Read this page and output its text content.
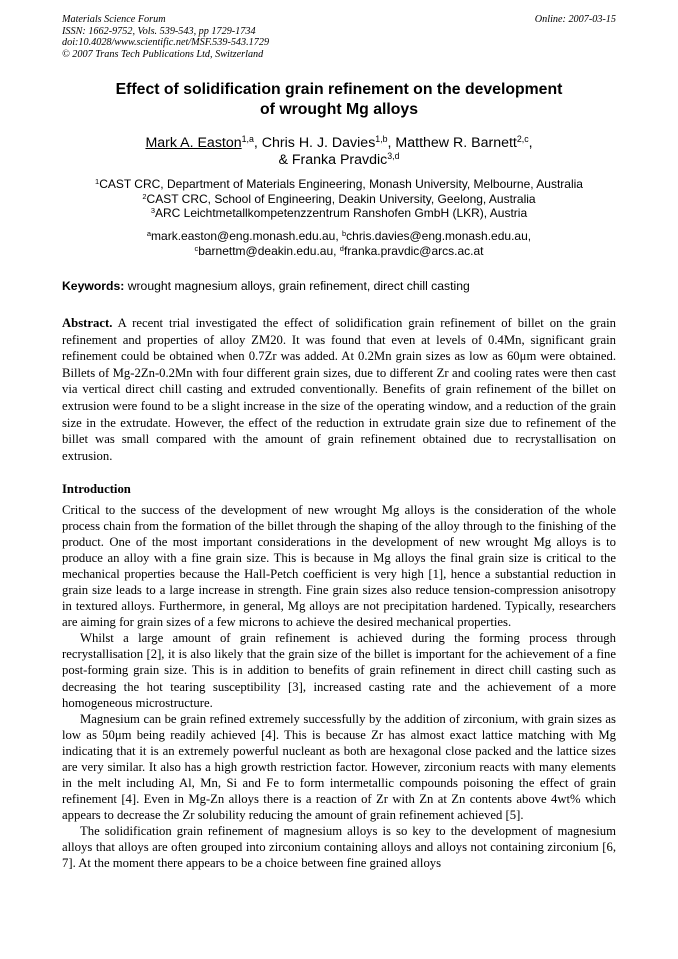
Materials Science Forum
ISSN: 1662-9752, Vols. 539-543, pp 1729-1734
doi:10.4028/www.scientific.net/MSF.539-543.1729
© 2007 Trans Tech Publications Ltd, Switzerland
Online: 2007-03-15
Effect of solidification grain refinement on the development
of wrought Mg alloys
Mark A. Easton$^{1,a}$, Chris H. J. Davies$^{1,b}$, Matthew R. Barnett$^{2,c}$,
& Franka Pravdic$^{3,d}$
$^1$CAST CRC, Department of Materials Engineering, Monash University, Melbourne, Australia
$^2$CAST CRC, School of Engineering, Deakin University, Geelong, Australia
$^3$ARC Leichtmetallkompetenzzentrum Ranshofen GmbH (LKR), Austria
$^a$mark.easton@eng.monash.edu.au, $^b$chris.davies@eng.monash.edu.au,
$^c$barnettm@deakin.edu.au, $^d$franka.pravdic@arcs.ac.at
Keywords: wrought magnesium alloys, grain refinement, direct chill casting
Abstract. A recent trial investigated the effect of solidification grain refinement of billet on the grain refinement and properties of alloy ZM20. It was found that even at levels of 0.4Mn, significant grain refinement could be obtained when 0.7Zr was added. At 0.2Mn grain sizes as low as 60μm were obtained. Billets of Mg-2Zn-0.2Mn with four different grain sizes, due to different Zr and cooling rates were then cast via vertical direct chill casting and extruded conventionally. Benefits of grain refinement of the billet on extrusion were found to be a slight increase in the size of the operating window, and a reduction of the grain size in the extrudate. However, the effect of the reduction in extrudate grain size due to refinement of the billet was small compared with the amount of grain refinement obtained due to recrystallisation on extrusion.
Introduction

Critical to the success of the development of new wrought Mg alloys is the consideration of the whole process chain from the formation of the billet through the shaping of the alloy through to the finishing of the product. One of the most important considerations in the development of new wrought Mg alloys is to produce an alloy with a fine grain size. This is because in Mg alloys the final grain size is critical to the mechanical properties because the Hall-Petch coefficient is very high [1], hence a substantial reduction in grain size leads to a large increase in strength. Fine grain sizes also reduce tension-compression anisotropy in textured alloys. Furthermore, in general, Mg alloys are not precipitation hardened. Typically, researchers are aiming for grain sizes of a few microns to achieve the desired mechanical properties.

Whilst a large amount of grain refinement is achieved during the forming process through recrystallisation [2], it is also likely that the grain size of the billet is important for the achievement of a fine post-forming grain size. This is in addition to benefits of grain refinement in direct chill casting such as decreasing the hot tearing susceptibility [3], increased casting rate and the achievement of a more homogeneous microstructure.

Magnesium can be grain refined extremely successfully by the addition of zirconium, with grain sizes as low as 50μm being readily achieved [4]. This is because Zr has almost exact lattice matching with Mg indicating that it is an extremely powerful nucleant as both are hexagonal close packed and the lattice sizes are very similar. It also has a high growth restriction factor. However, zirconium reacts with many elements in the melt including Al, Mn, Si and Fe to form intermetallic compounds poisoning the effect of grain refinement [4]. Even in Mg-Zn alloys there is a reaction of Zr with Zn at Zn contents above 4wt% which appears to decrease the Zr solubility reducing the amount of grain refinement achieved [5].

The solidification grain refinement of magnesium alloys is so key to the development of magnesium alloys that alloys are often grouped into zirconium containing alloys and alloys not containing zirconium [6, 7]. At the moment there appears to be a choice between fine grained alloys
